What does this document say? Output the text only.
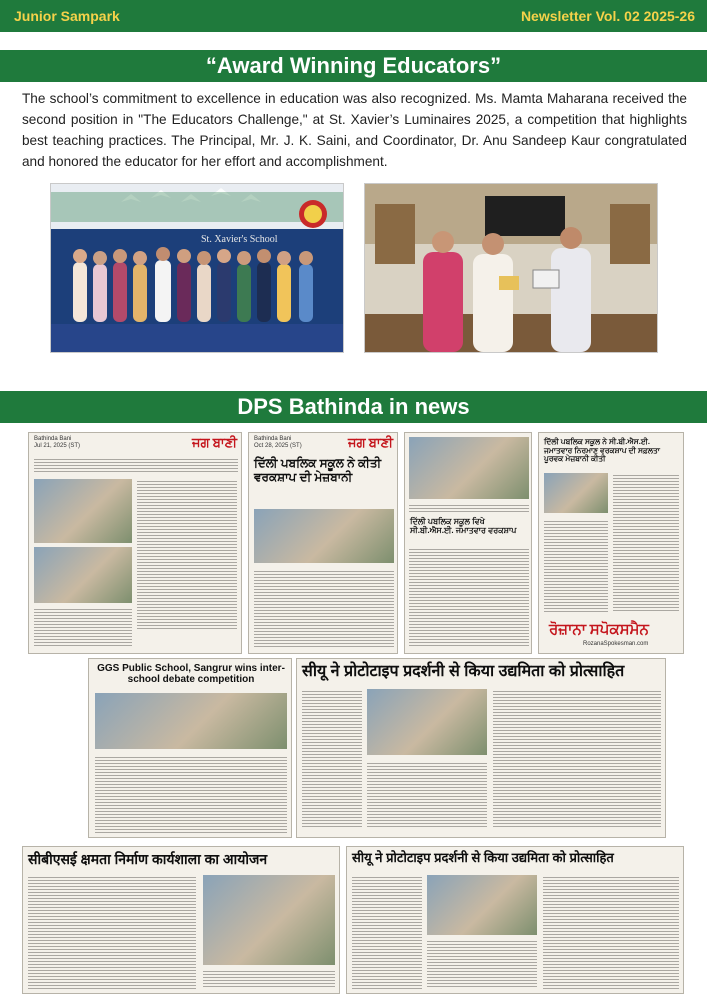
Junior Sampark	Newsletter Vol. 02 2025-26
“Award Winning Educators”
The school’s commitment to excellence in education was also recognized. Ms. Mamta Maharana received the second position in "The Educators Challenge," at St. Xavier’s Luminaires 2025, a competition that highlights best teaching practices. The Principal, Mr. J. K. Saini, and Coordinator, Dr. Anu Sandeep Kaur congratulated and honored the educator for her effort and accomplishment.
St. Xavier's School
DPS Bathinda in news
Bathinda Bani
Jul 21, 2025 (ST)	ਜਗ ਬਾਣੀ	Bathinda Bani
Oct 28, 2025 (ST)	ਜਗ ਬਾਣੀ
ਦਿੱਲੀ ਪਬਲਿਕ ਸਕੂਲ ਨੇ ਕੀਤੀ ਵਰਕਸ਼ਾਪ ਦੀ ਮੇਜ਼ਬਾਨੀ
ਦਿੱਲੀ ਪਬਲਿਕ ਸਕੂਲ ਵਿਖੇ ਸੀ.ਬੀ.ਐਸ.ਈ. ਜਮਾਤਵਾਰ ਵਰਕਸ਼ਾਪ
ਦਿੱਲੀ ਪਬਲਿਕ ਸਕੂਲ ਨੇ ਸੀ.ਬੀ.ਐਸ.ਈ. ਜਮਾਤਵਾਰ ਨਿਰਮਾਣ ਵਰਕਸ਼ਾਪ ਦੀ ਸਫ਼ਲਤਾ ਪੂਰਵਕ ਮੇਜ਼ਬਾਨੀ ਕੀਤੀ
ਰੋਜ਼ਾਨਾ ਸਪੋਕਸਮੈਨ
RozanaSpokesman.com
GGS Public School, Sangrur wins inter-school debate competition	सीयू ने प्रोटोटाइप प्रदर्शनी से किया उद्यमिता को प्रोत्साहित
सीबीएसई क्षमता निर्माण कार्यशाला का आयोजन	सीयू ने प्रोटोटाइप प्रदर्शनी से किया उद्यमिता को प्रोत्साहित
